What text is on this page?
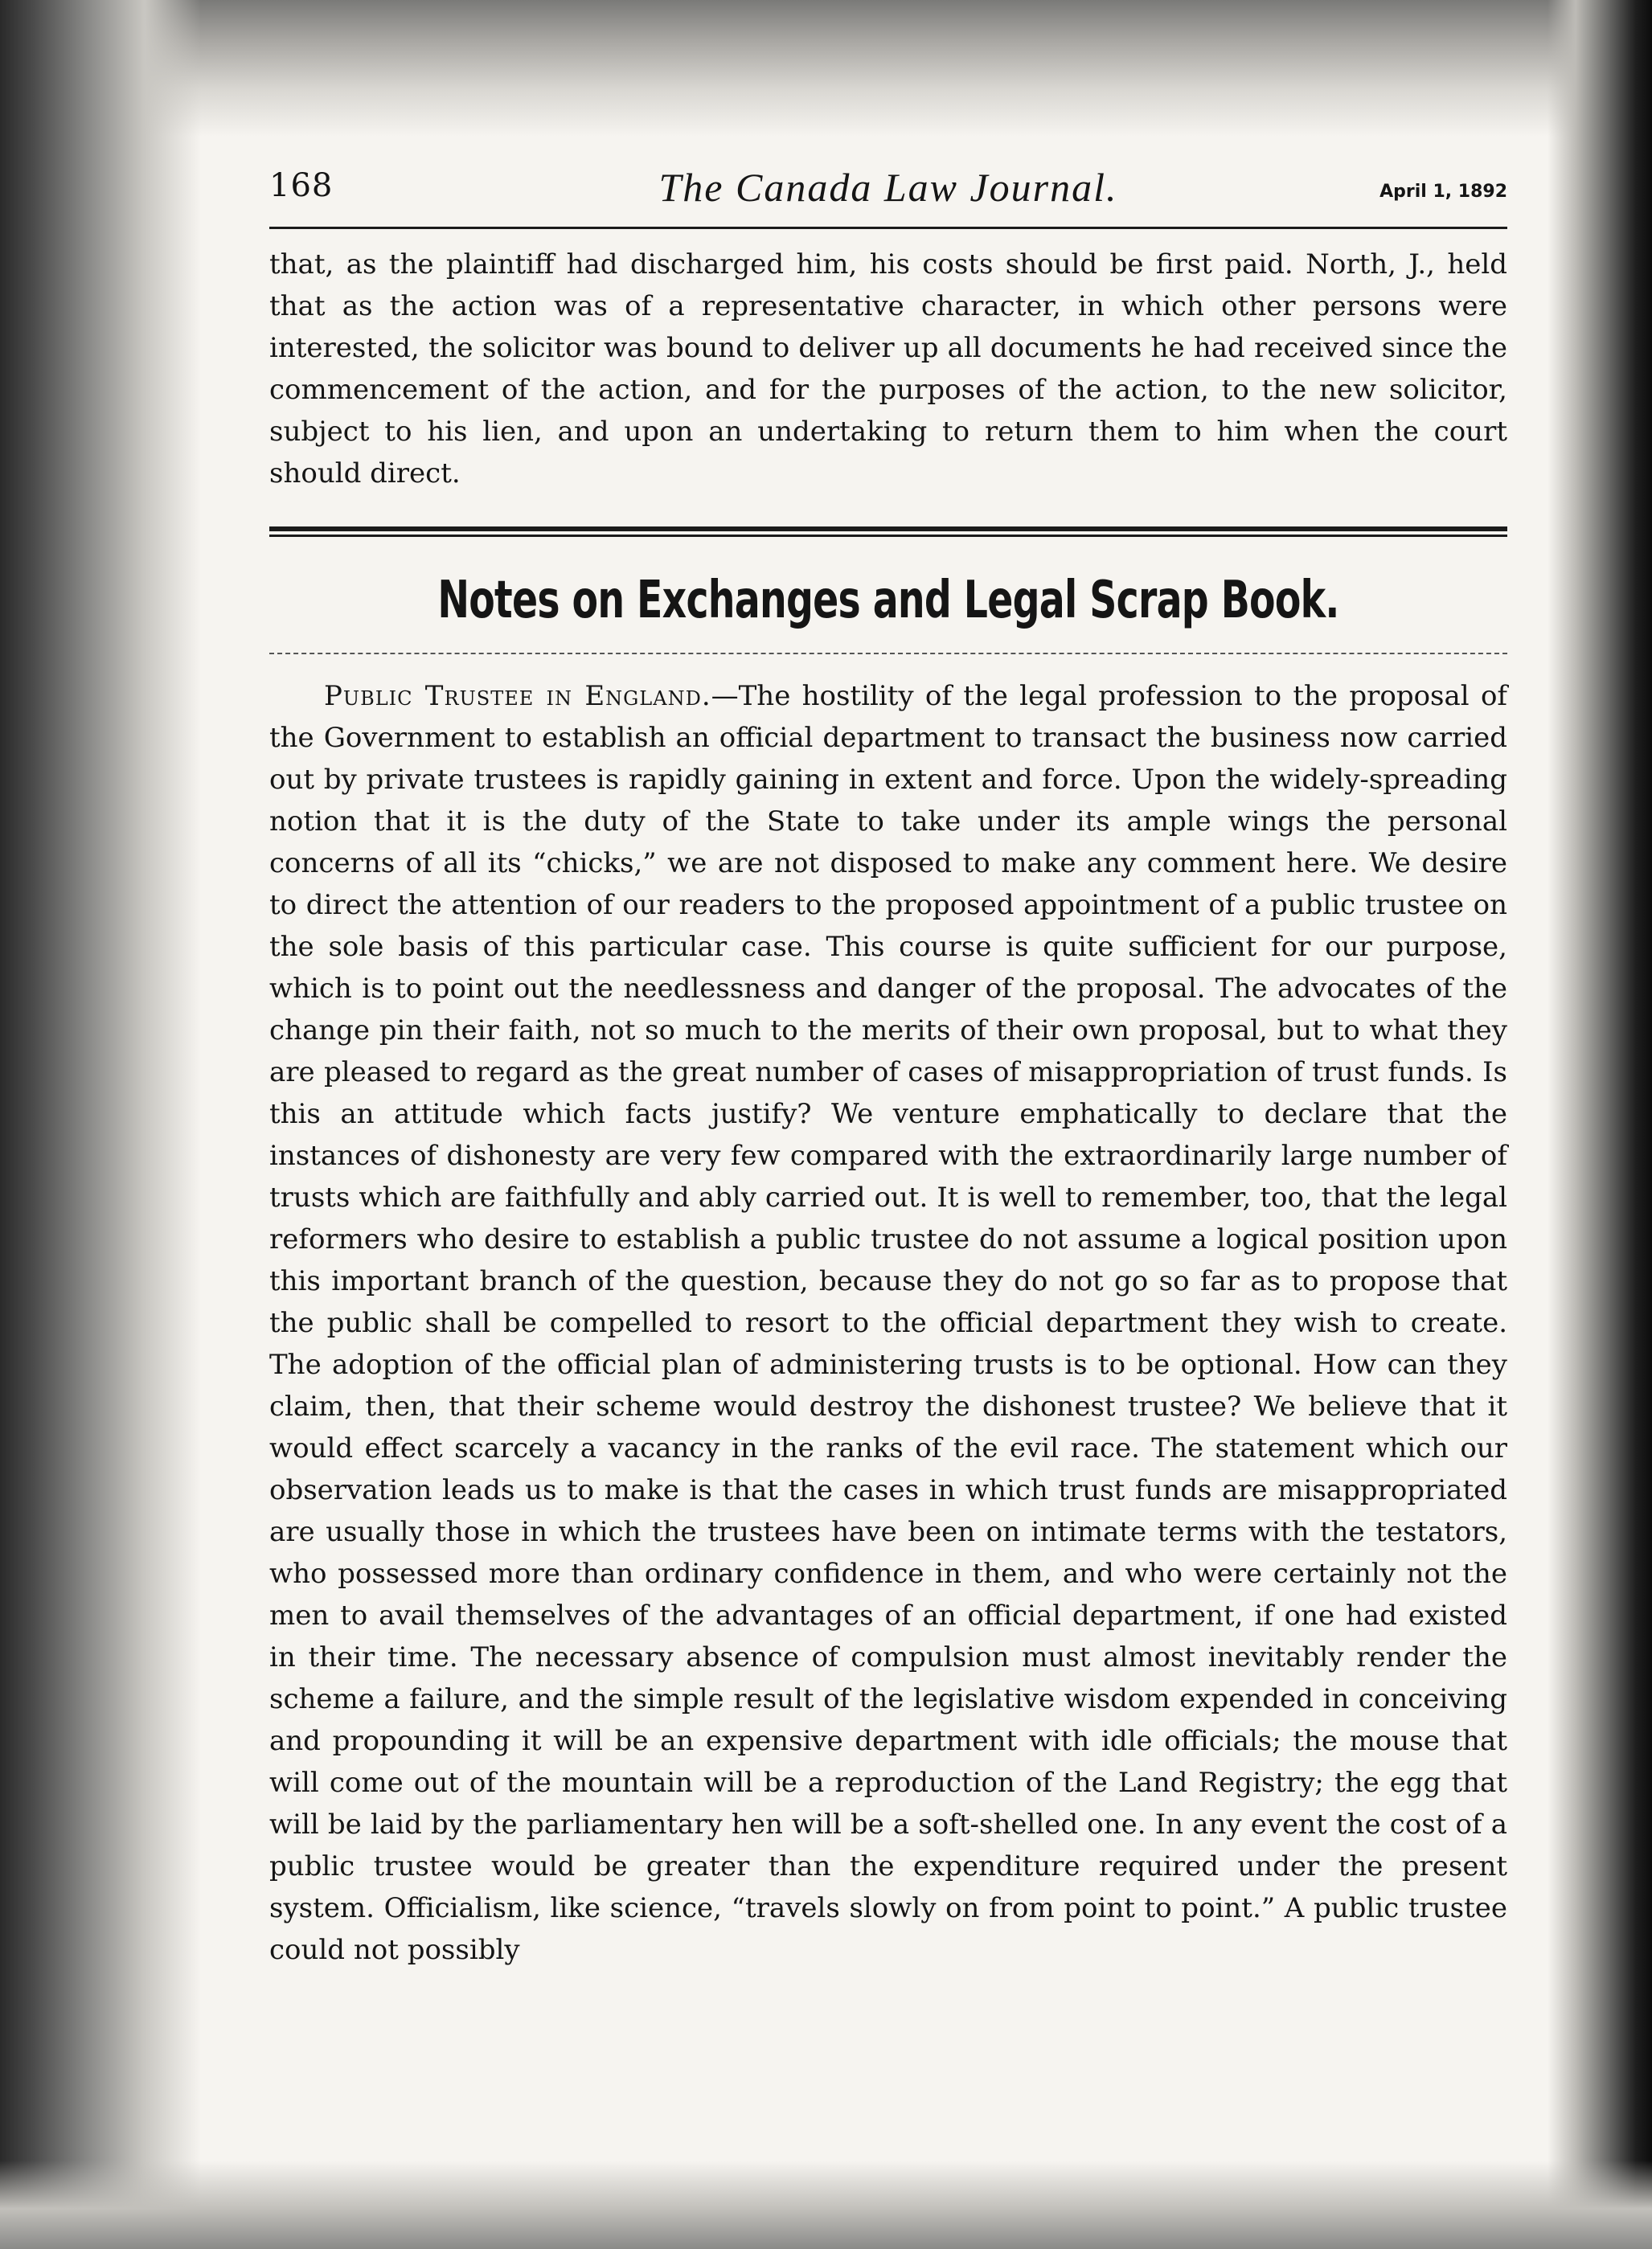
168	The Canada Law Journal.	April 1, 1892

that, as the plaintiff had discharged him, his costs should be first paid. North, J., held that as the action was of a representative character, in which other persons were interested, the solicitor was bound to deliver up all documents he had received since the commencement of the action, and for the purposes of the action, to the new solicitor, subject to his lien, and upon an undertaking to return them to him when the court should direct.

Notes on Exchanges and Legal Scrap Book.

Public Trustee in England.—The hostility of the legal profession to the proposal of the Government to establish an official department to transact the business now carried out by private trustees is rapidly gaining in extent and force. Upon the widely-spreading notion that it is the duty of the State to take under its ample wings the personal concerns of all its “chicks,” we are not disposed to make any comment here. We desire to direct the attention of our readers to the proposed appointment of a public trustee on the sole basis of this particular case. This course is quite sufficient for our purpose, which is to point out the needlessness and danger of the proposal. The advocates of the change pin their faith, not so much to the merits of their own proposal, but to what they are pleased to regard as the great number of cases of misappropriation of trust funds. Is this an attitude which facts justify? We venture emphatically to declare that the instances of dishonesty are very few compared with the extraordinarily large number of trusts which are faithfully and ably carried out. It is well to remember, too, that the legal reformers who desire to establish a public trustee do not assume a logical position upon this important branch of the question, because they do not go so far as to propose that the public shall be compelled to resort to the official department they wish to create. The adoption of the official plan of administering trusts is to be optional. How can they claim, then, that their scheme would destroy the dishonest trustee? We believe that it would effect scarcely a vacancy in the ranks of the evil race. The statement which our observation leads us to make is that the cases in which trust funds are misappropriated are usually those in which the trustees have been on intimate terms with the testators, who possessed more than ordinary confidence in them, and who were certainly not the men to avail themselves of the advantages of an official department, if one had existed in their time. The necessary absence of compulsion must almost inevitably render the scheme a failure, and the simple result of the legislative wisdom expended in conceiving and propounding it will be an expensive department with idle officials; the mouse that will come out of the mountain will be a reproduction of the Land Registry; the egg that will be laid by the parliamentary hen will be a soft-shelled one. In any event the cost of a public trustee would be greater than the expenditure required under the present system. Officialism, like science, “travels slowly on from point to point.” A public trustee could not possibly
